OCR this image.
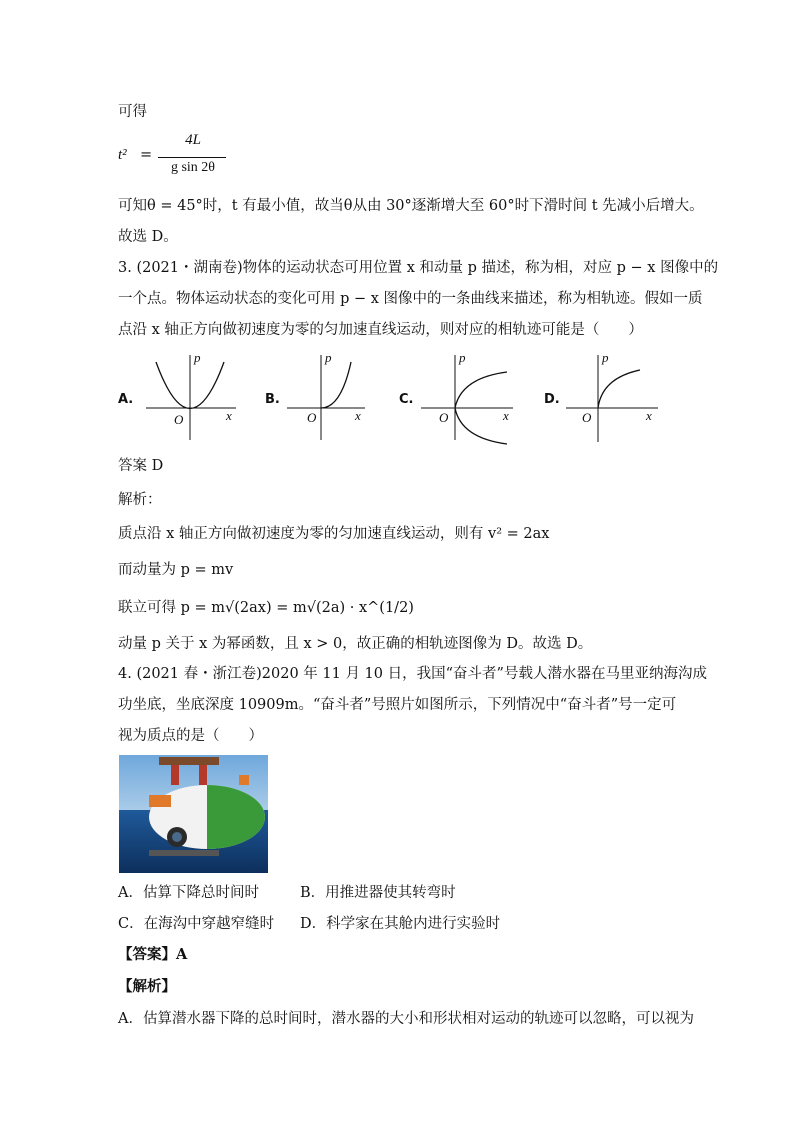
可得
t² =
4L
g sin 2θ
可知θ = 45°时，t 有最小值，故当θ从由 30°逐渐增大至 60°时下滑时间 t 先减小后增大。
故选 D。
3. (2021・湖南卷)物体的运动状态可用位置 x 和动量 p 描述，称为相，对应 p − x 图像中的
一个点。物体运动状态的变化可用 p − x 图像中的一条曲线来描述，称为相轨迹。假如一质
点沿 x 轴正方向做初速度为零的匀加速直线运动，则对应的相轨迹可能是（　　）
A.
p
x
O
B.
p
x
O
C.
p
x
O
D.
p
x
O
答案 D
解析：
质点沿 x 轴正方向做初速度为零的匀加速直线运动，则有 v² = 2ax
而动量为 p = mv
联立可得 p = m√(2ax) = m√(2a) · x^(1/2)
动量 p 关于 x 为幂函数，且 x > 0，故正确的相轨迹图像为 D。故选 D。
4. (2021 春・浙江卷)2020 年 11 月 10 日，我国“奋斗者”号载人潜水器在马里亚纳海沟成
功坐底，坐底深度 10909m。“奋斗者”号照片如图所示，下列情况中“奋斗者”号一定可
视为质点的是（　　）
A．估算下降总时间时	B．用推进器使其转弯时
C．在海沟中穿越窄缝时 D．科学家在其舱内进行实验时
【答案】A
【解析】
A．估算潜水器下降的总时间时，潜水器的大小和形状相对运动的轨迹可以忽略，可以视为
